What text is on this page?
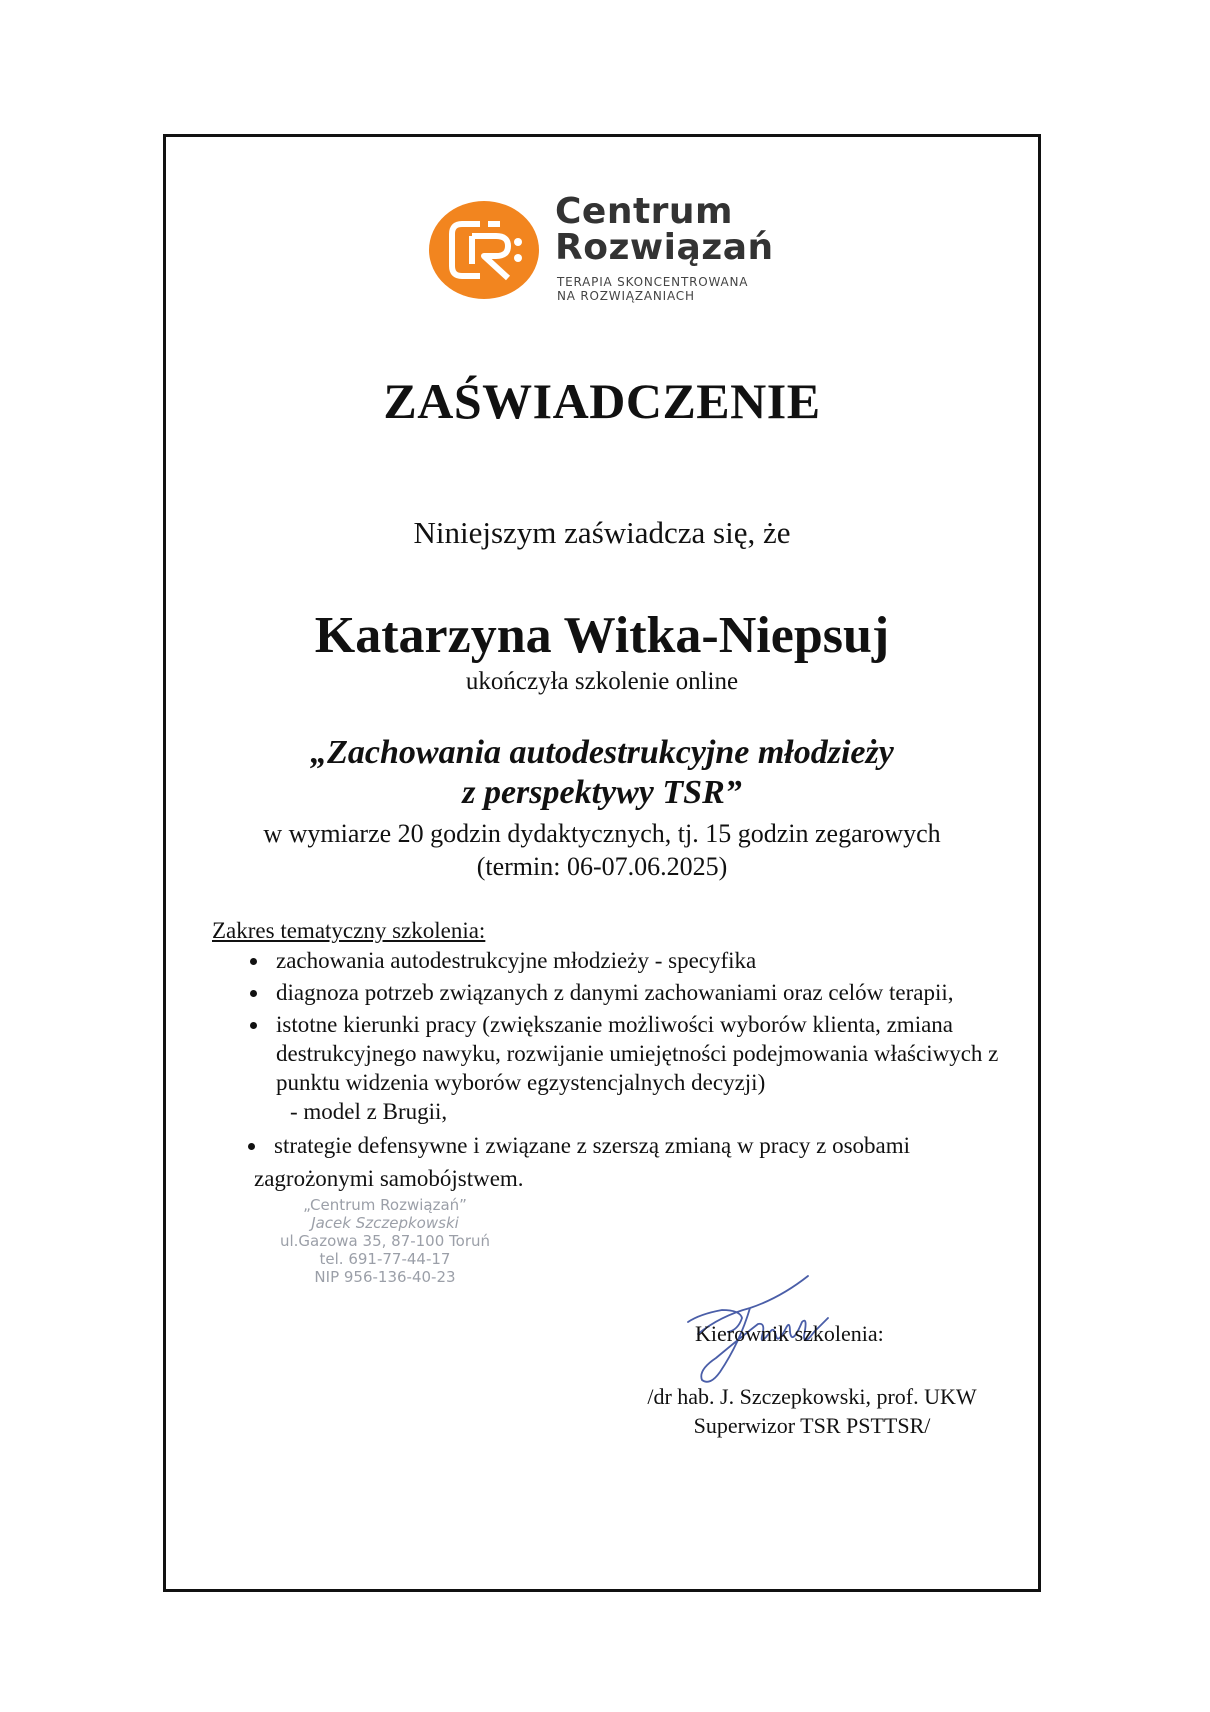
Centrum
Rozwiązań
TERAPIA SKONCENTROWANA
NA ROZWIĄZANIACH
ZAŚWIADCZENIE
Niniejszym zaświadcza się, że
Katarzyna Witka-Niepsuj
ukończyła szkolenie online
„Zachowania autodestrukcyjne młodzieży
z perspektywy TSR”
w wymiarze 20 godzin dydaktycznych, tj. 15 godzin zegarowych
(termin: 06-07.06.2025)
Zakres tematyczny szkolenia:
zachowania autodestrukcyjne młodzieży - specyfika
diagnoza potrzeb związanych z danymi zachowaniami oraz celów terapii,
istotne kierunki pracy (zwiększanie możliwości wyborów klienta, zmiana destrukcyjnego nawyku, rozwijanie umiejętności podejmowania właściwych z punktu widzenia wyborów egzystencjalnych decyzji)
- model z Brugii,
strategie defensywne i związane z szerszą zmianą w pracy z osobami
zagrożonymi samobójstwem.
„Centrum Rozwiązań”
Jacek Szczepkowski
ul.Gazowa 35, 87-100 Toruń
tel. 691-77-44-17
NIP 956-136-40-23
Kierownik szkolenia:
/dr hab. J. Szczepkowski, prof. UKW
Superwizor TSR PSTTSR/
